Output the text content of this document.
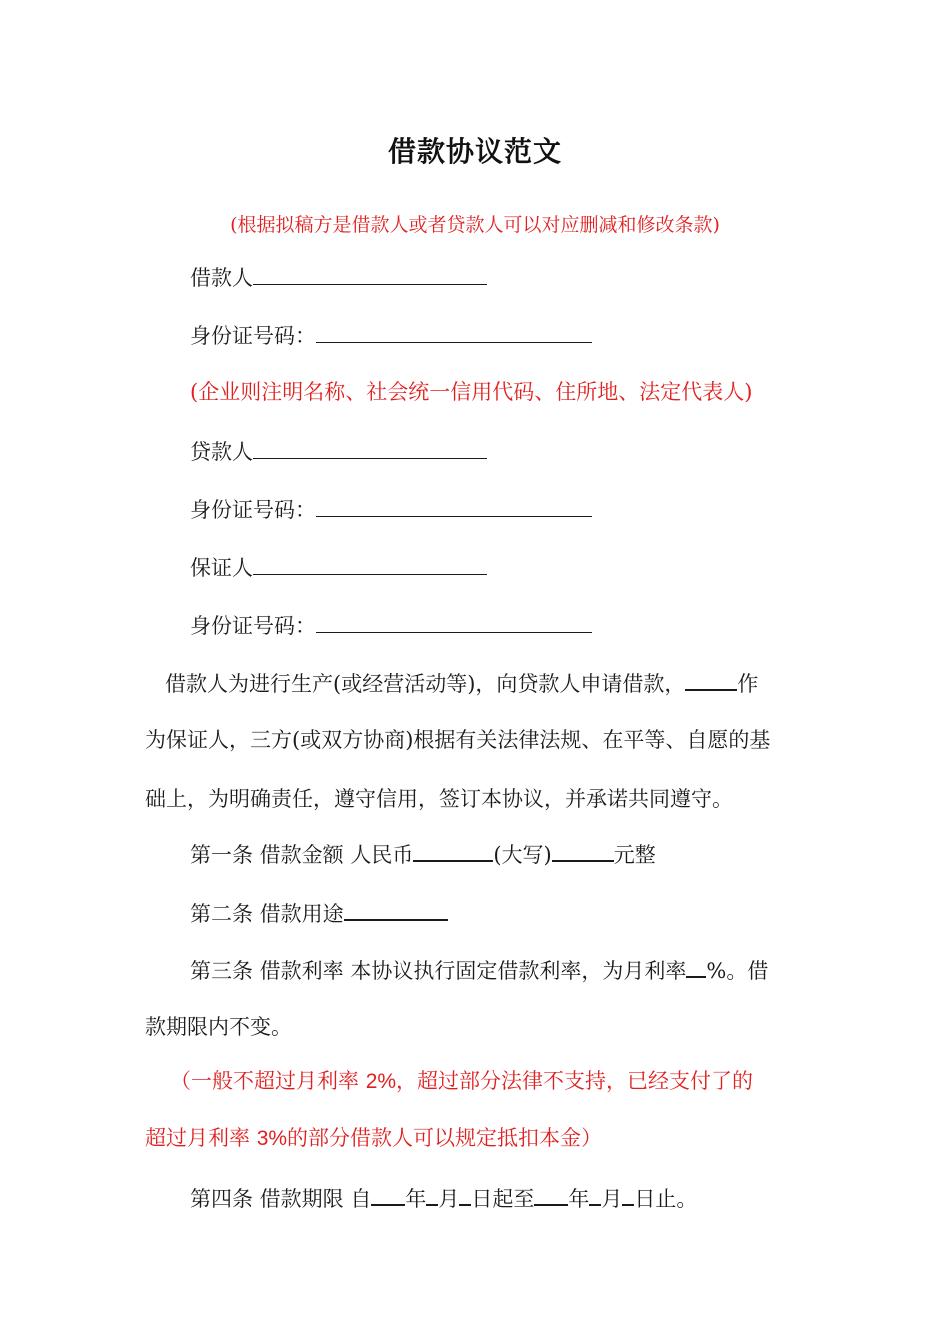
借款协议范文
(根据拟稿方是借款人或者贷款人可以对应删减和修改条款)
借款人
身份证号码：
(企业则注明名称、社会统一信用代码、住所地、法定代表人)
贷款人
身份证号码：
保证人
身份证号码：
借款人为进行生产(或经营活动等)，向贷款人申请借款， 作
为保证人，三方(或双方协商)根据有关法律法规、在平等、自愿的基
础上，为明确责任，遵守信用，签订本协议，并承诺共同遵守。
第一条 借款金额 人民币	(大写)	元整
第二条 借款用途
第三条 借款利率 本协议执行固定借款利率，为月利率 %。借
款期限内不变。
（一般不超过月利率 2%，超过部分法律不支持，已经支付了的
超过月利率 3%的部分借款人可以规定抵扣本金）
第四条 借款期限 自 年 月 日起至 年 月 日止。
